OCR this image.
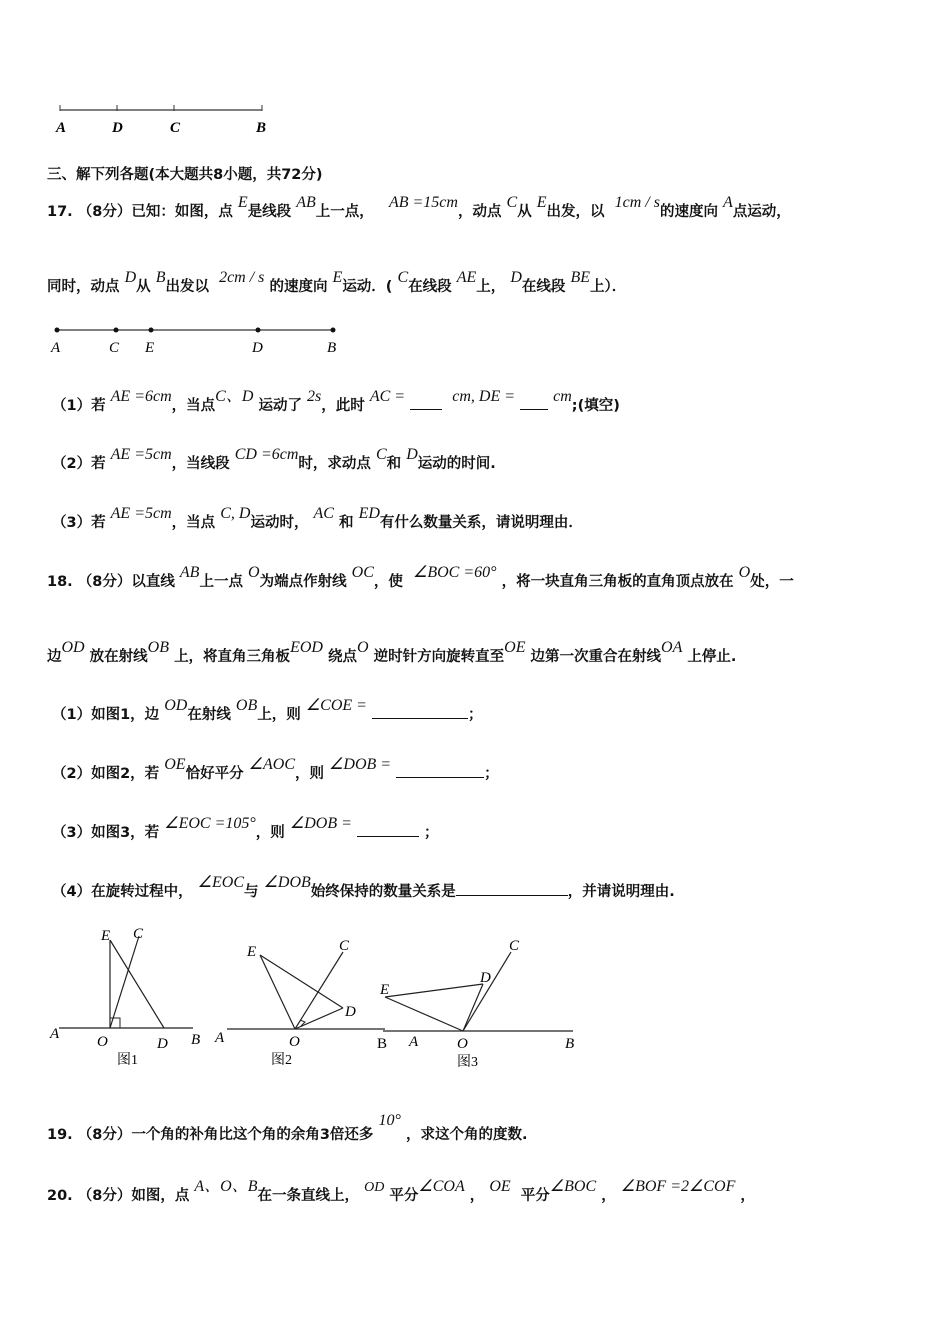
A	D	C	B
三、解下列各题(本大题共8小题，共72分)
17. （8分）已知：如图，点 E是线段 AB上一点，   AB =15cm，动点 C从 E出发，以  1cm / s的速度向 A点运动，
同时，动点 D从 B出发以  2cm / s 的速度向 E运动．( C在线段 AE上， D在线段 BE上）．
A	C E	D	B
（1）若 AE =6cm，当点C、D 运动了 2s，此时 AC =	cm, DE = cm;(填空)
（2）若 AE =5cm，当线段 CD =6cm时，求动点 C和 D运动的时间.
（3）若 AE =5cm，当点 C, D运动时， AC 和 ED有什么数量关系，请说明理由．
18. （8分）以直线 AB上一点 O为端点作射线 OC，使  ∠BOC =60° ，将一块直角三角板的直角顶点放在 O处，一
边OD 放在射线OB 上，将直角三角板EOD 绕点O 逆时针方向旋转直至OE 边第一次重合在射线OA 上停止.
（1）如图1，边 OD在射线 OB上，则 ∠COE = ；
（2）如图2，若 OE恰好平分 ∠AOC，则 ∠DOB = ；
（3）如图3，若 ∠EOC =105°，则 ∠DOB =  ；
（4）在旋转过程中， ∠EOC与 ∠DOB始终保持的数量关系是	，并请说明理由.
E C
A	O	D B
图1
E	C
D
A	O	B
图2
C
D
E
A	O	B
图3
19. （8分）一个角的补角比这个角的余角3倍还多 10° ，求这个角的度数.
20. （8分）如图，点 A、O、B在一条直线上， OD 平分∠COA ， OE  平分∠BOC ， ∠BOF =2∠COF ，
